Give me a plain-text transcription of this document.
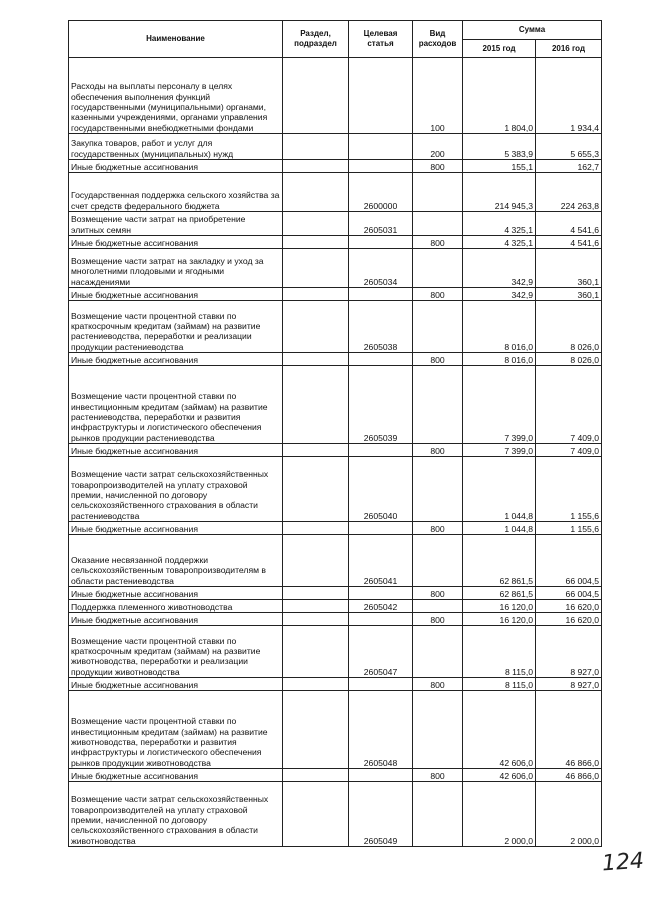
Наименование	Раздел, подраздел	Целевая статья	Вид расходов	Сумма	
				2015 год	2016 год
Расходы на выплаты персоналу в целях обеспечения выполнения функций государственными (муниципальными) органами, казенными учреждениями, органами управления государственными внебюджетными фондами			100	1 804,0	1 934,4
Закупка товаров, работ и услуг для государственных (муниципальных) нужд			200	5 383,9	5 655,3
Иные бюджетные ассигнования			800	155,1	162,7
Государственная поддержка сельского хозяйства за счет средств федерального бюджета		2600000		214 945,3	224 263,8
Возмещение части затрат на приобретение элитных семян		2605031		4 325,1	4 541,6
Иные бюджетные ассигнования			800	4 325,1	4 541,6
Возмещение части затрат на закладку и уход за многолетними плодовыми и ягодными насаждениями		2605034		342,9	360,1
Иные бюджетные ассигнования			800	342,9	360,1
Возмещение части процентной ставки по краткосрочным кредитам (займам) на развитие растениеводства, переработки и реализации продукции растениеводства		2605038		8 016,0	8 026,0
Иные бюджетные ассигнования			800	8 016,0	8 026,0
Возмещение части процентной ставки по инвестиционным кредитам (займам) на развитие растениеводства, переработки и развития инфраструктуры и логистического обеспечения рынков продукции растениеводства		2605039		7 399,0	7 409,0
Иные бюджетные ассигнования			800	7 399,0	7 409,0
Возмещение части затрат сельскохозяйственных товаропроизводителей на уплату страховой премии, начисленной по договору сельскохозяйственного страхования в области растениеводства		2605040		1 044,8	1 155,6
Иные бюджетные ассигнования			800	1 044,8	1 155,6
Оказание несвязанной поддержки сельскохозяйственным товаропроизводителям в области растениеводства		2605041		62 861,5	66 004,5
Иные бюджетные ассигнования			800	62 861,5	66 004,5
Поддержка племенного животноводства		2605042		16 120,0	16 620,0
Иные бюджетные ассигнования			800	16 120,0	16 620,0
Возмещение части процентной ставки по краткосрочным кредитам (займам) на развитие животноводства, переработки и реализации продукции животноводства		2605047		8 115,0	8 927,0
Иные бюджетные ассигнования			800	8 115,0	8 927,0
Возмещение части процентной ставки по инвестиционным кредитам (займам) на развитие животноводства, переработки и развития инфраструктуры и логистического обеспечения рынков продукции животноводства		2605048		42 606,0	46 866,0
Иные бюджетные ассигнования			800	42 606,0	46 866,0
Возмещение части затрат сельскохозяйственных товаропроизводителей на уплату страховой премии, начисленной по договору сельскохозяйственного страхования в области животноводства		2605049		2 000,0	2 000,0
124
